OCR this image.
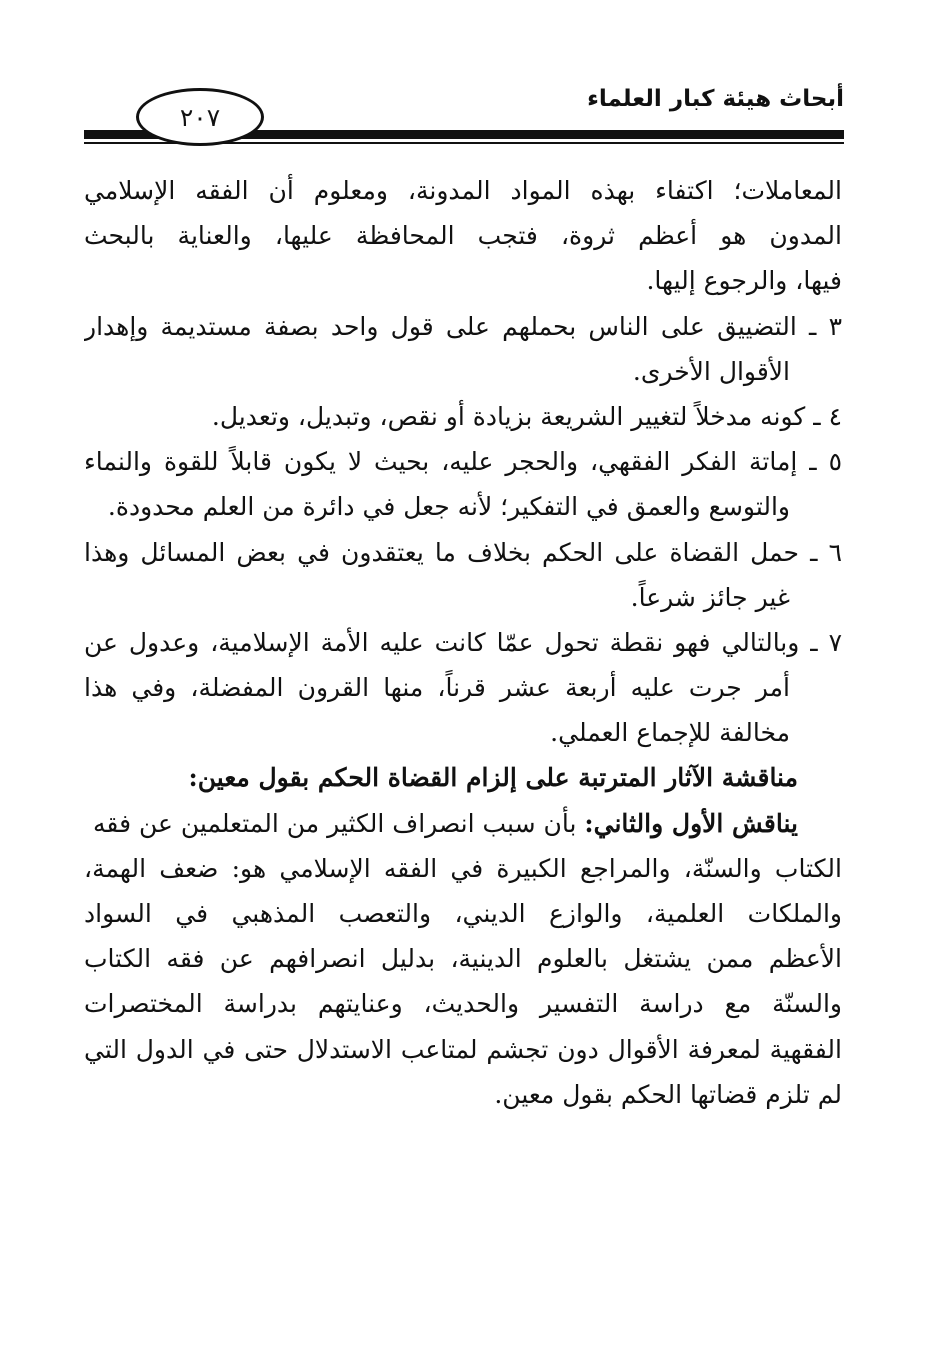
أبحاث هيئة كبار العلماء
٢٠٧
المعاملات؛ اكتفاء بهذه المواد المدونة، ومعلوم أن الفقه الإسلامي
المدون هو أعظم ثروة، فتجب المحافظة عليها، والعناية بالبحث
فيها، والرجوع إليها.
٣ ـ التضييق على الناس بحملهم على قول واحد بصفة مستديمة وإهدار
الأقوال الأخرى.
٤ ـ كونه مدخلاً لتغيير الشريعة بزيادة أو نقص، وتبديل، وتعديل.
٥ ـ إماتة الفكر الفقهي، والحجر عليه، بحيث لا يكون قابلاً للقوة والنماء
والتوسع والعمق في التفكير؛ لأنه جعل في دائرة من العلم محدودة.
٦ ـ حمل القضاة على الحكم بخلاف ما يعتقدون في بعض المسائل وهذا
غير جائز شرعاً.
٧ ـ وبالتالي فهو نقطة تحول عمّا كانت عليه الأمة الإسلامية، وعدول عن
أمر جرت عليه أربعة عشر قرناً، منها القرون المفضلة، وفي هذا
مخالفة للإجماع العملي.
مناقشة الآثار المترتبة على إلزام القضاة الحكم بقول معين:
يناقش الأول والثاني: بأن سبب انصراف الكثير من المتعلمين عن فقه
الكتاب والسنّة، والمراجع الكبيرة في الفقه الإسلامي هو: ضعف الهمة،
والملكات العلمية، والوازع الديني، والتعصب المذهبي في السواد
الأعظم ممن يشتغل بالعلوم الدينية، بدليل انصرافهم عن فقه الكتاب
والسنّة مع دراسة التفسير والحديث، وعنايتهم بدراسة المختصرات
الفقهية لمعرفة الأقوال دون تجشم لمتاعب الاستدلال حتى في الدول التي
لم تلزم قضاتها الحكم بقول معين.
